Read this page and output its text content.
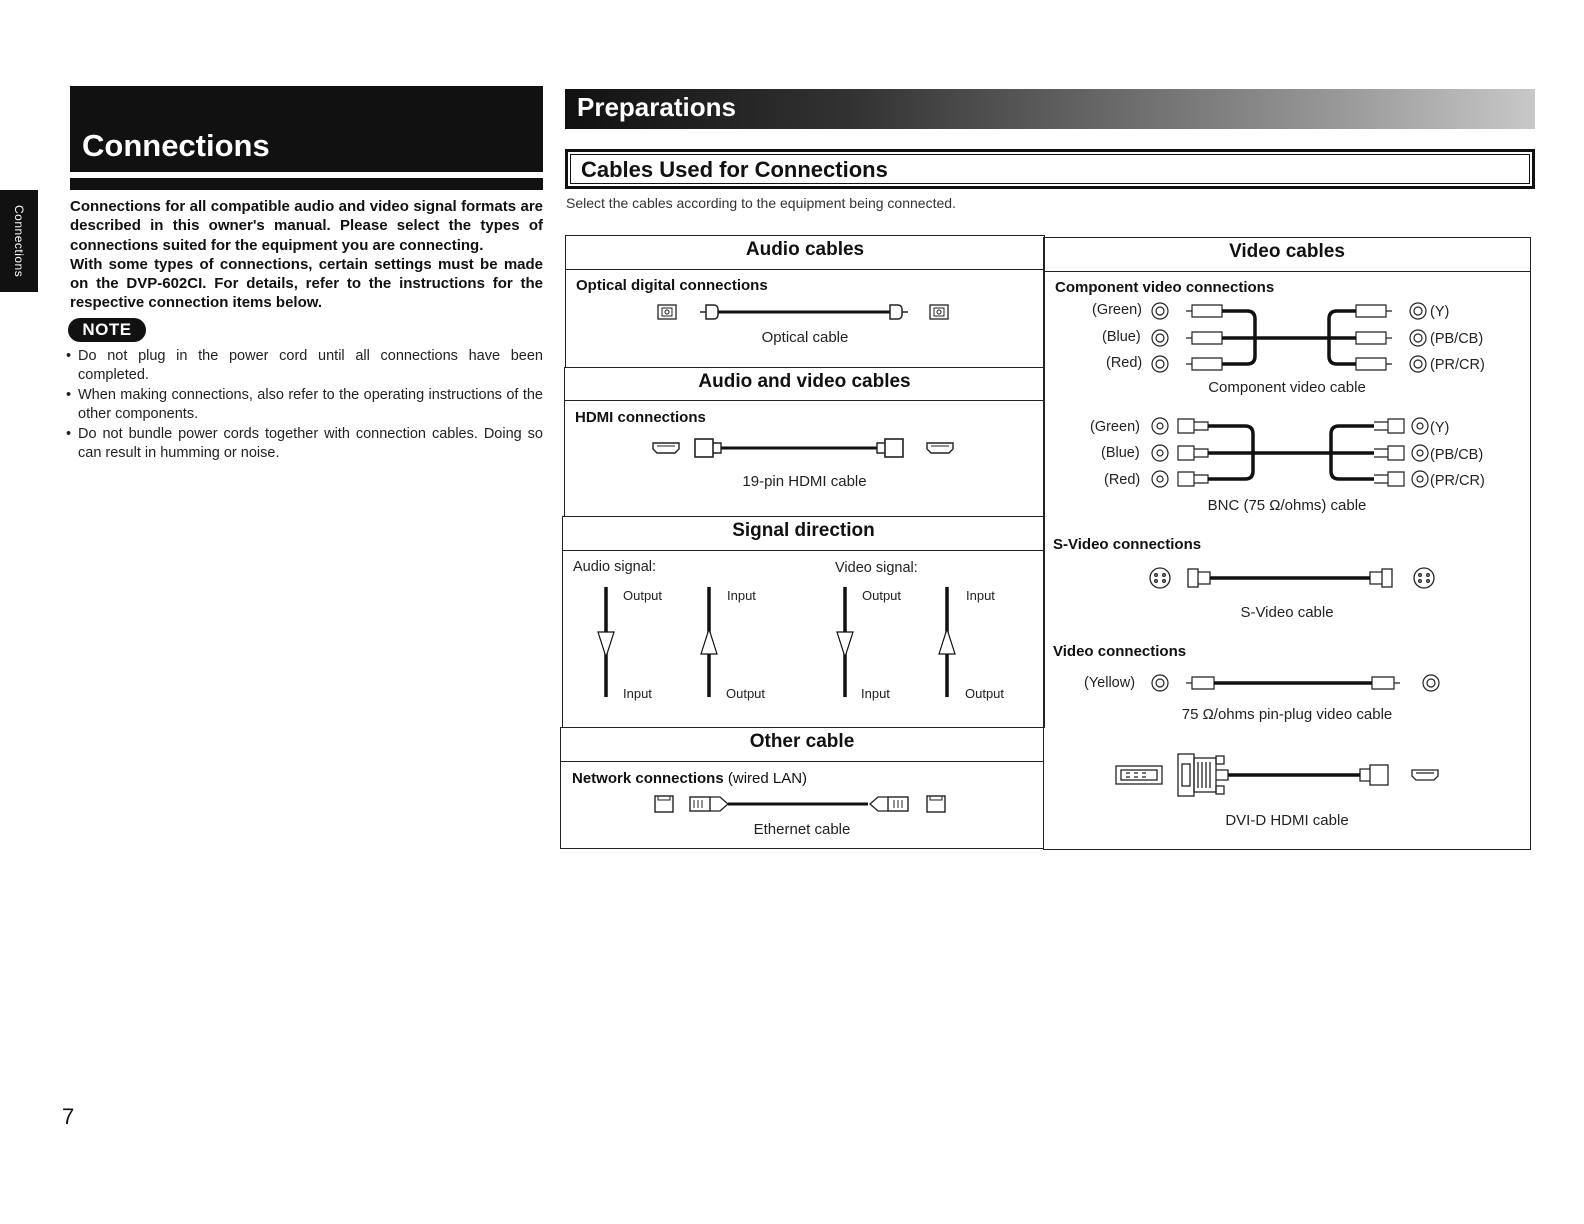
Connections
Connections

Connections for all compatible audio and video signal formats are described in this owner's manual. Please select the types of connections suited for the equipment you are connecting.

With some types of connections, certain settings must be made on the DVP-602CI. For details, refer to the instructions for the respective connection items below.

NOTE
• Do not plug in the power cord until all connections have been completed.
• When making connections, also refer to the operating instructions of the other components.
• Do not bundle power cords together with connection cables. Doing so can result in humming or noise.
Preparations
Cables Used for Connections
Select the cables according to the equipment being connected.
Audio cables
Optical digital connections
Optical cable
Audio and video cables
HDMI connections
19-pin HDMI cable
Signal direction
Audio signal:	Video signal:
Output
Input
Input
Output
Output
Input
Input
Output
Other cable
Network connections (wired LAN)
Ethernet cable
Video cables
Component video connections
(Green)
(Blue)
(Red)
(Y)
(PB/CB)
(PR/CR)
Component video cable
(Green)
(Blue)
(Red)
(Y)
(PB/CB)
(PR/CR)
BNC (75 Ω/ohms) cable
S-Video connections
S-Video cable
Video connections
(Yellow)
75 Ω/ohms pin-plug video cable
DVI-D HDMI cable
7
